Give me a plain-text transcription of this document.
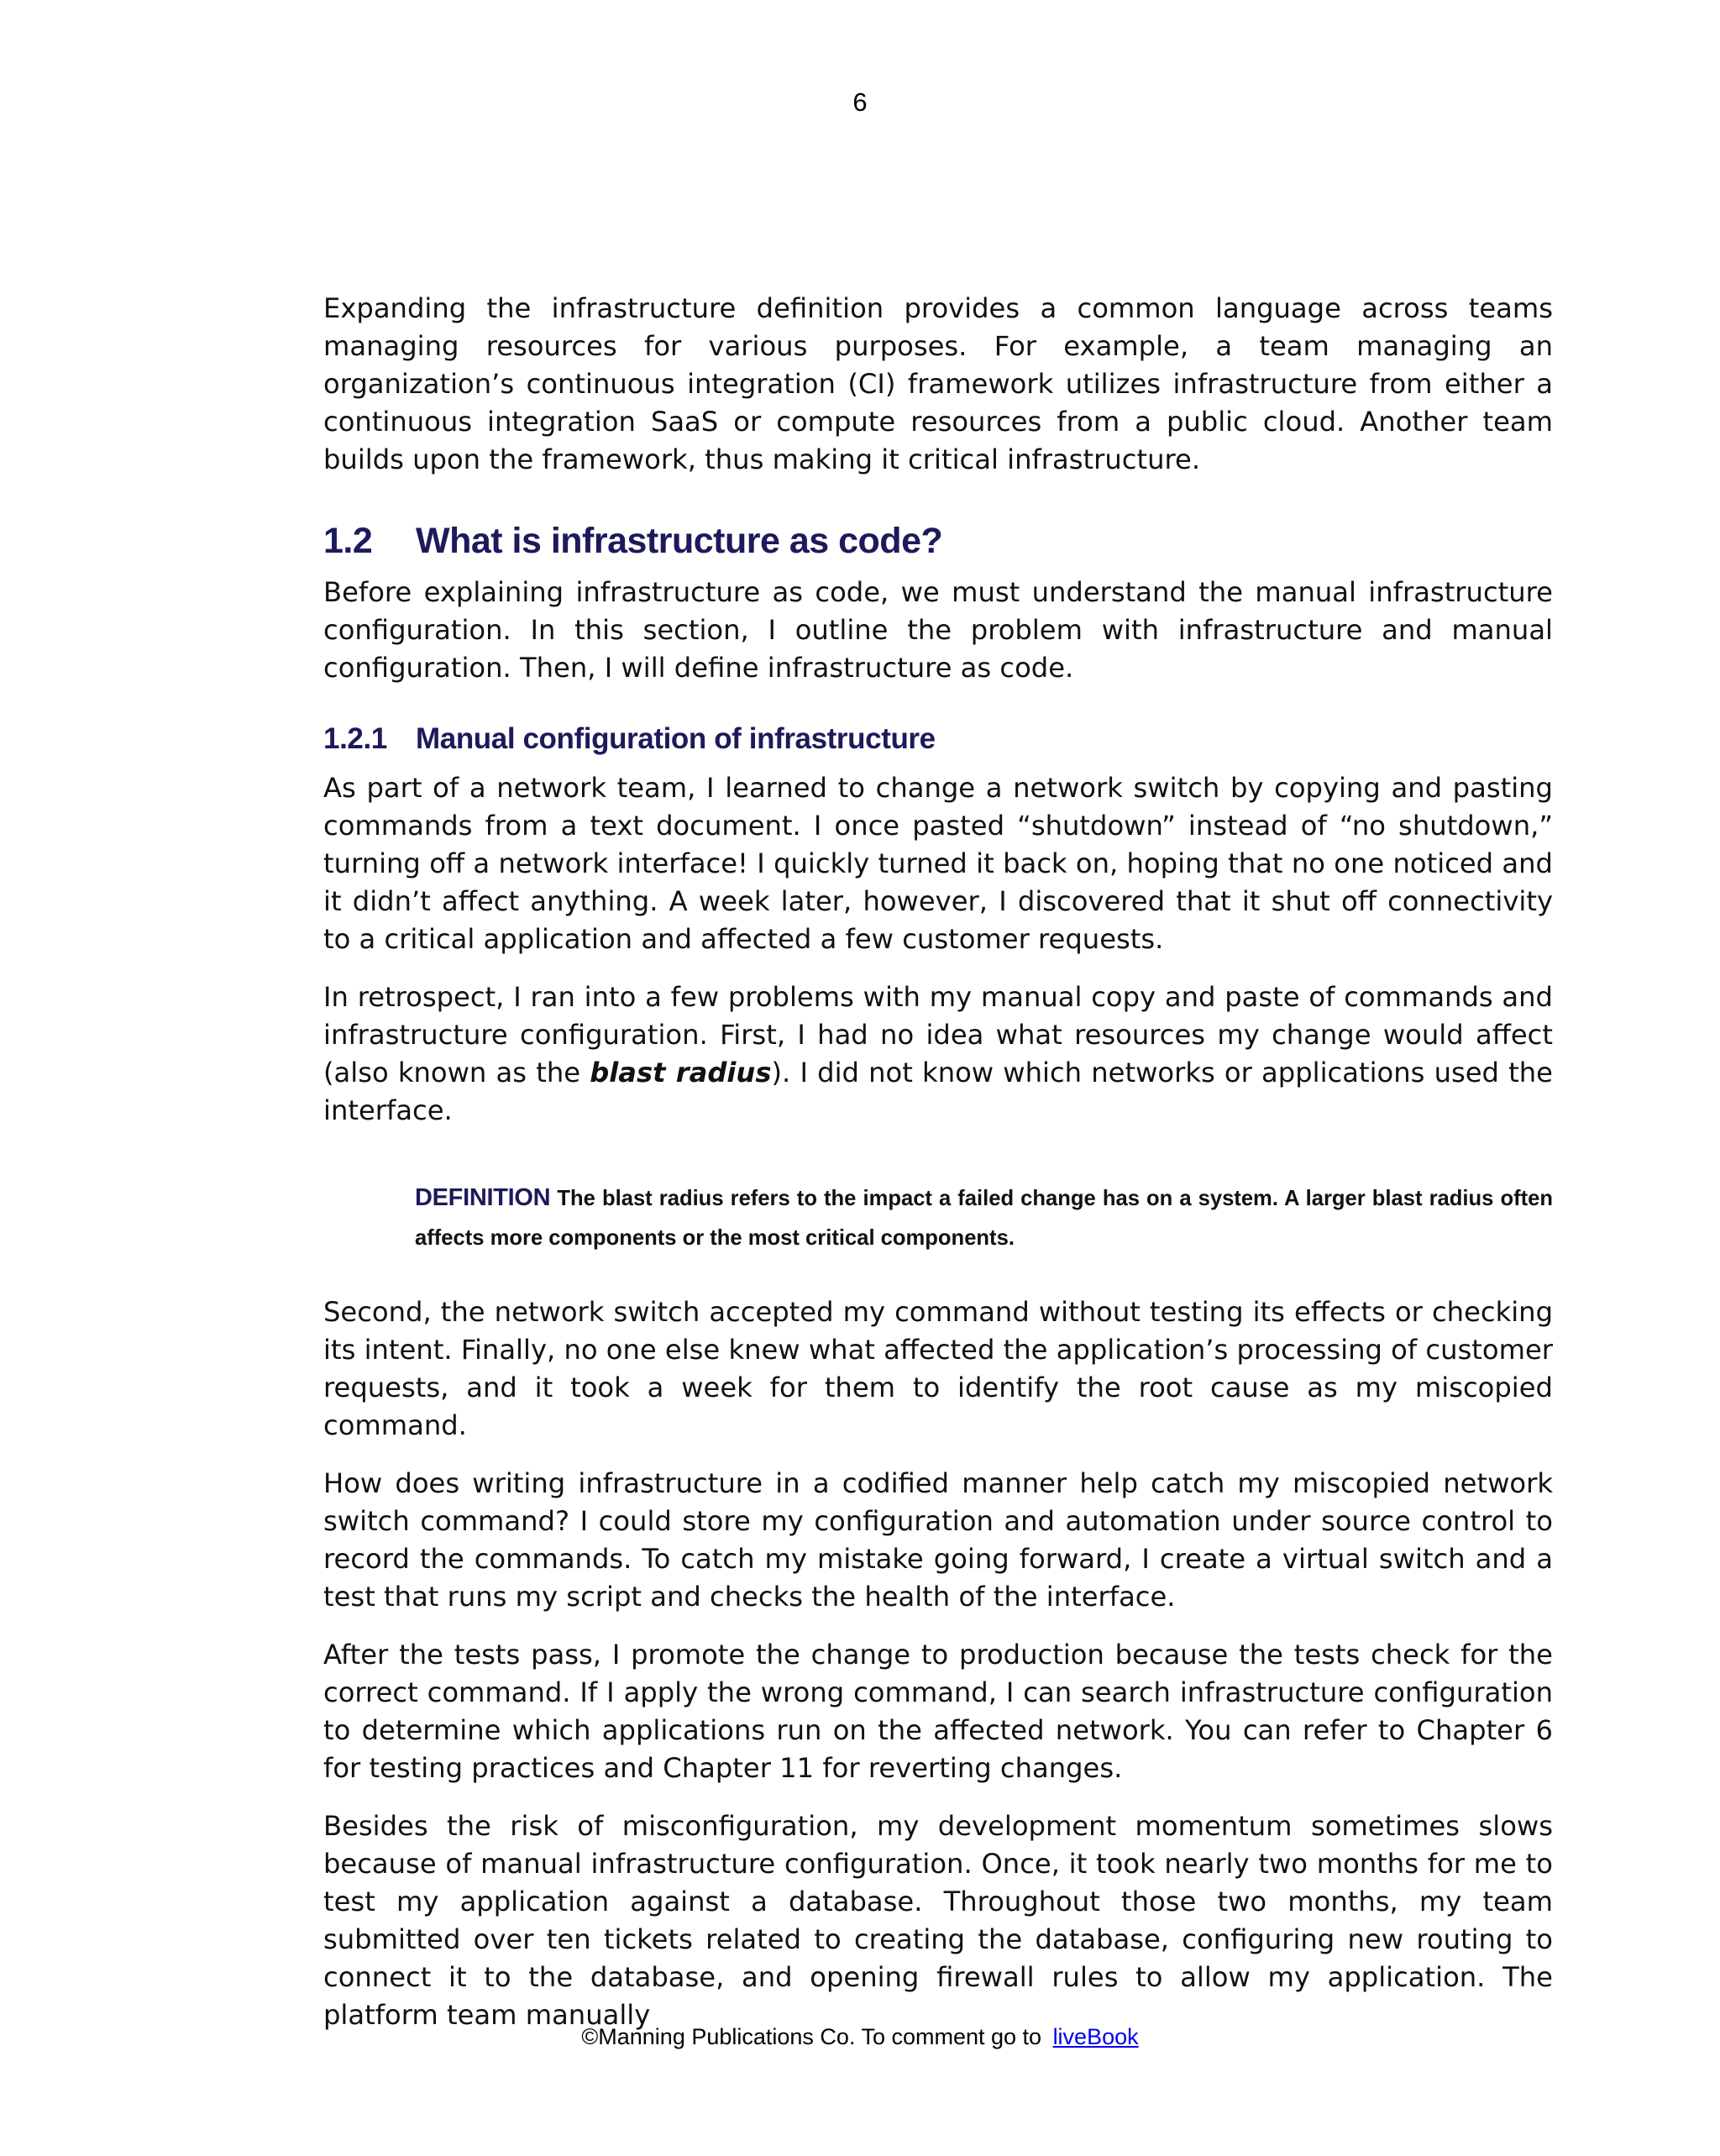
6

Expanding the infrastructure definition provides a common language across teams managing resources for various purposes. For example, a team managing an organization’s continuous integration (CI) framework utilizes infrastructure from either a continuous integration SaaS or compute resources from a public cloud. Another team builds upon the framework, thus making it critical infrastructure.

1.2 What is infrastructure as code?

Before explaining infrastructure as code, we must understand the manual infrastructure configuration. In this section, I outline the problem with infrastructure and manual configuration. Then, I will define infrastructure as code.

1.2.1 Manual configuration of infrastructure

As part of a network team, I learned to change a network switch by copying and pasting commands from a text document. I once pasted “shutdown” instead of “no shutdown,” turning off a network interface! I quickly turned it back on, hoping that no one noticed and it didn’t affect anything. A week later, however, I discovered that it shut off connectivity to a critical application and affected a few customer requests.

In retrospect, I ran into a few problems with my manual copy and paste of commands and infrastructure configuration. First, I had no idea what resources my change would affect (also known as the blast radius). I did not know which networks or applications used the interface.

DEFINITION The blast radius refers to the impact a failed change has on a system. A larger blast radius often affects more components or the most critical components.

Second, the network switch accepted my command without testing its effects or checking its intent. Finally, no one else knew what affected the application’s processing of customer requests, and it took a week for them to identify the root cause as my miscopied command.

How does writing infrastructure in a codified manner help catch my miscopied network switch command? I could store my configuration and automation under source control to record the commands. To catch my mistake going forward, I create a virtual switch and a test that runs my script and checks the health of the interface.

After the tests pass, I promote the change to production because the tests check for the correct command. If I apply the wrong command, I can search infrastructure configuration to determine which applications run on the affected network. You can refer to Chapter 6 for testing practices and Chapter 11 for reverting changes.

Besides the risk of misconfiguration, my development momentum sometimes slows because of manual infrastructure configuration. Once, it took nearly two months for me to test my application against a database. Throughout those two months, my team submitted over ten tickets related to creating the database, configuring new routing to connect it to the database, and opening firewall rules to allow my application. The platform team manually

©Manning Publications Co. To comment go to liveBook
